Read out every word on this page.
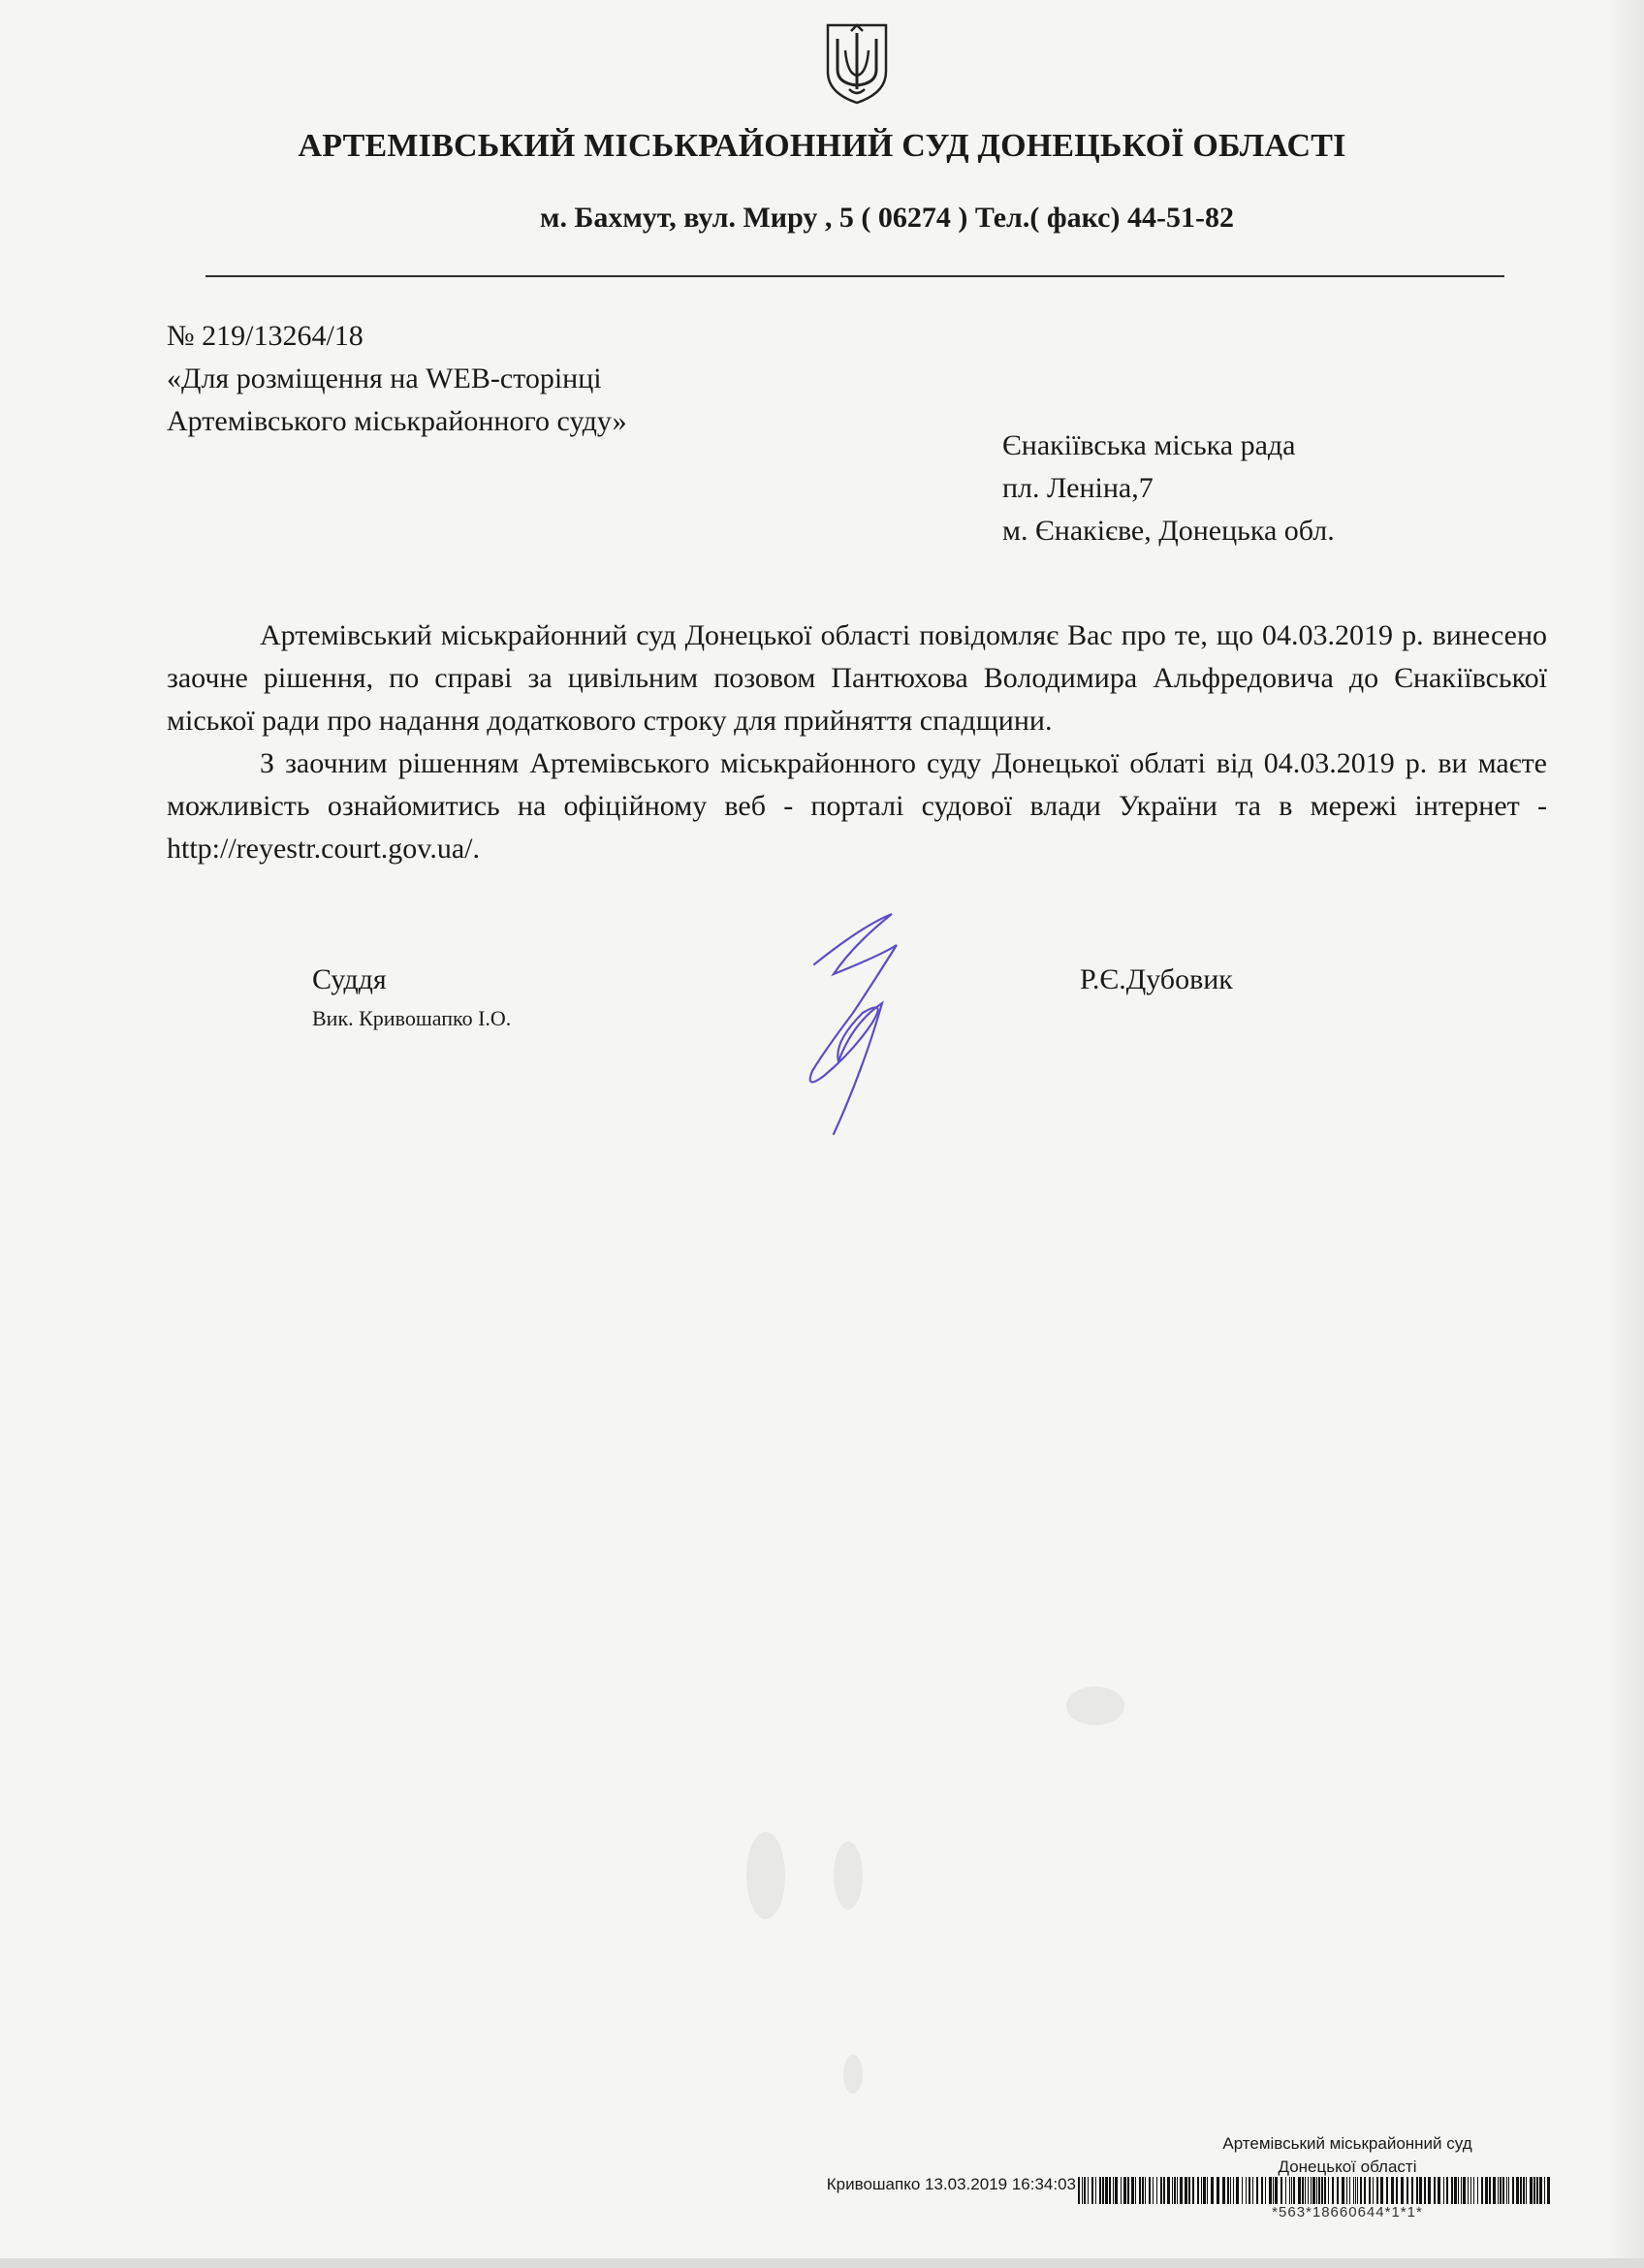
АРТЕМІВСЬКИЙ МІСЬКРАЙОННИЙ СУД ДОНЕЦЬКОЇ ОБЛАСТІ
м. Бахмут, вул. Миру , 5 ( 06274 ) Тел.( факс) 44-51-82
№ 219/13264/18
«Для розміщення на WEB-сторінці
Артемівського міськрайонного суду»
Єнакіївська міська рада
пл. Леніна,7
м. Єнакієве, Донецька обл.

Артемівський міськрайонний суд Донецької області повідомляє Вас про те, що 04.03.2019 р. винесено заочне рішення, по справі за цивільним позовом Пантюхова Володимира Альфредовича до Єнакіївської міської ради про надання додаткового строку для прийняття спадщини.

З заочним рішенням Артемівського міськрайонного суду Донецької облаті від 04.03.2019 р. ви маєте можливість ознайомитись на офіційному веб - порталі судової влади України та в мережі інтернет - http://reyestr.court.gov.ua/.

Суддя
Вик. Кривошапко І.О.
Р.Є.Дубовик
Артемівський міськрайонний суд
Донецької області
Кривошапко 13.03.2019 16:34:03
*563*18660644*1*1*
